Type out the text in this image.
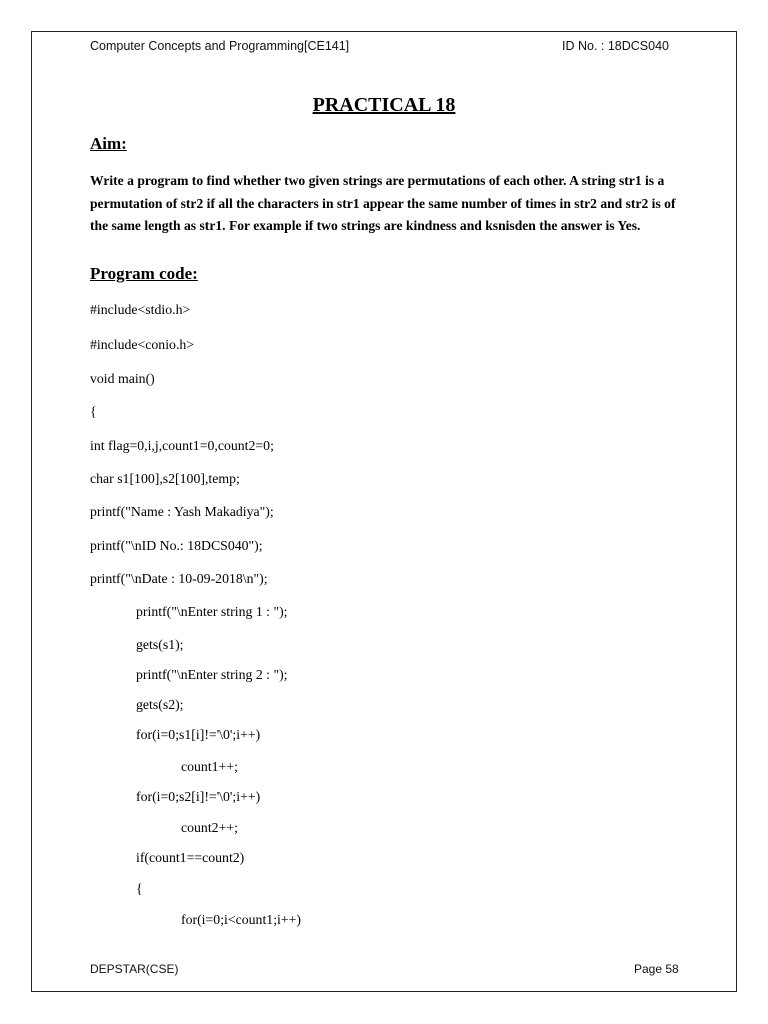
Computer Concepts and Programming[CE141]	ID No. : 18DCS040
PRACTICAL 18
Aim:
Write a program to find whether two given strings are permutations of each other. A string str1 is a permutation of str2 if all the characters in str1 appear the same number of times in str2 and str2 is of the same length as str1. For example if two strings are kindness and ksnisden the answer is Yes.
Program code:
#include<stdio.h>
#include<conio.h>
void main()
{
int flag=0,i,j,count1=0,count2=0;
char s1[100],s2[100],temp;
printf("Name : Yash Makadiya");
printf("\nID No.: 18DCS040");
printf("\nDate : 10-09-2018\n");
printf("\nEnter string 1 : ");
gets(s1);
printf("\nEnter string 2 : ");
gets(s2);
for(i=0;s1[i]!='\0';i++)
count1++;
for(i=0;s2[i]!='\0';i++)
count2++;
if(count1==count2)
{
for(i=0;i<count1;i++)
DEPSTAR(CSE)	Page 58
